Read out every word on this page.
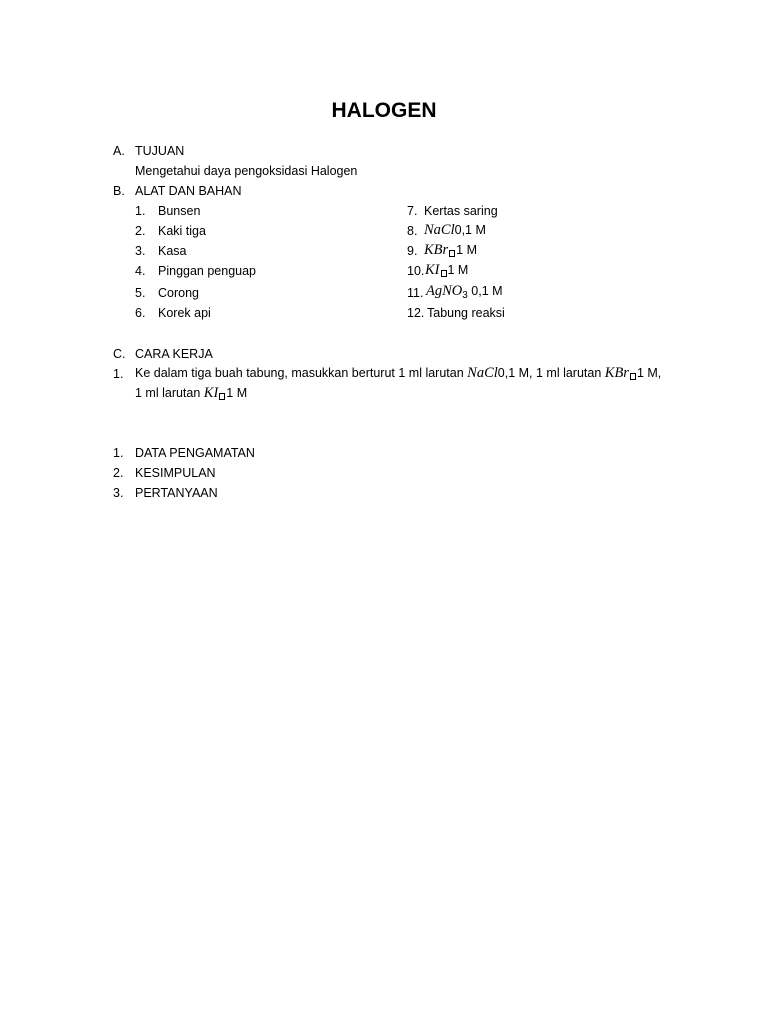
HALOGEN
A. TUJUAN
Mengetahui daya pengoksidasi Halogen
B. ALAT DAN BAHAN
1. Bunsen
2. Kaki tiga
3. Kasa
4. Pinggan penguap
5. Corong
6. Korek api
7. Kertas saring
8. NaCl0,1 M
9. KBr 1 M
10. KI 1 M
11. AgNO$_3$ 0,1 M
12. Tabung reaksi
C. CARA KERJA
1. Ke dalam tiga buah tabung, masukkan berturut 1 ml larutan NaCl0,1 M, 1 ml larutan KBr 1 M,
1 ml larutan KI 1 M
1. DATA PENGAMATAN
2. KESIMPULAN
3. PERTANYAAN
